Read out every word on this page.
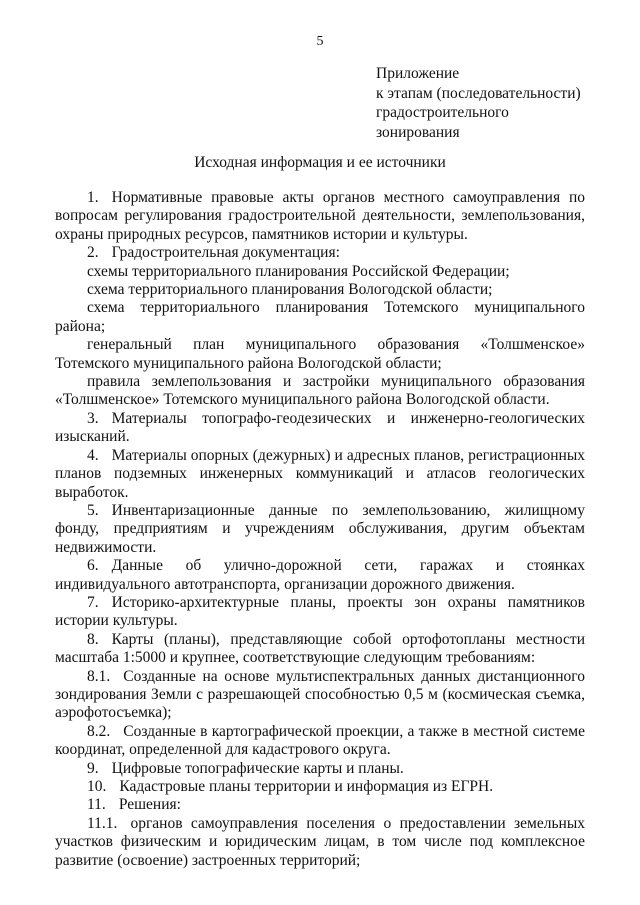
5
Приложение
к этапам (последовательности)
градостроительного
зонирования
Исходная информация и ее источники

1. Нормативные правовые акты органов местного самоуправления по вопросам регулирования градостроительной деятельности, землепользования, охраны природных ресурсов, памятников истории и культуры.

2. Градостроительная документация:

схемы территориального планирования Российской Федерации;

схема территориального планирования Вологодской области;

схема территориального планирования Тотемского муниципального района;

генеральный план муниципального образования «Толшменское» Тотемского муниципального района Вологодской области;

правила землепользования и застройки муниципального образования «Толшменское» Тотемского муниципального района Вологодской области.

3. Материалы топографо-геодезических и инженерно-геологических изысканий.

4. Материалы опорных (дежурных) и адресных планов, регистрационных планов подземных инженерных коммуникаций и атласов геологических выработок.

5. Инвентаризационные данные по землепользованию, жилищному фонду, предприятиям и учреждениям обслуживания, другим объектам недвижимости.

6. Данные об улично-дорожной сети, гаражах и стоянках индивидуального автотранспорта, организации дорожного движения.

7. Историко-архитектурные планы, проекты зон охраны памятников истории культуры.

8. Карты (планы), представляющие собой ортофотопланы местности масштаба 1:5000 и крупнее, соответствующие следующим требованиям:

8.1. Созданные на основе мультиспектральных данных дистанционного зондирования Земли с разрешающей способностью 0,5 м (космическая съемка, аэрофотосъемка);

8.2. Созданные в картографической проекции, а также в местной системе координат, определенной для кадастрового округа.

9. Цифровые топографические карты и планы.

10. Кадастровые планы территории и информация из ЕГРН.

11. Решения:

11.1. органов самоуправления поселения о предоставлении земельных участков физическим и юридическим лицам, в том числе под комплексное развитие (освоение) застроенных территорий;
